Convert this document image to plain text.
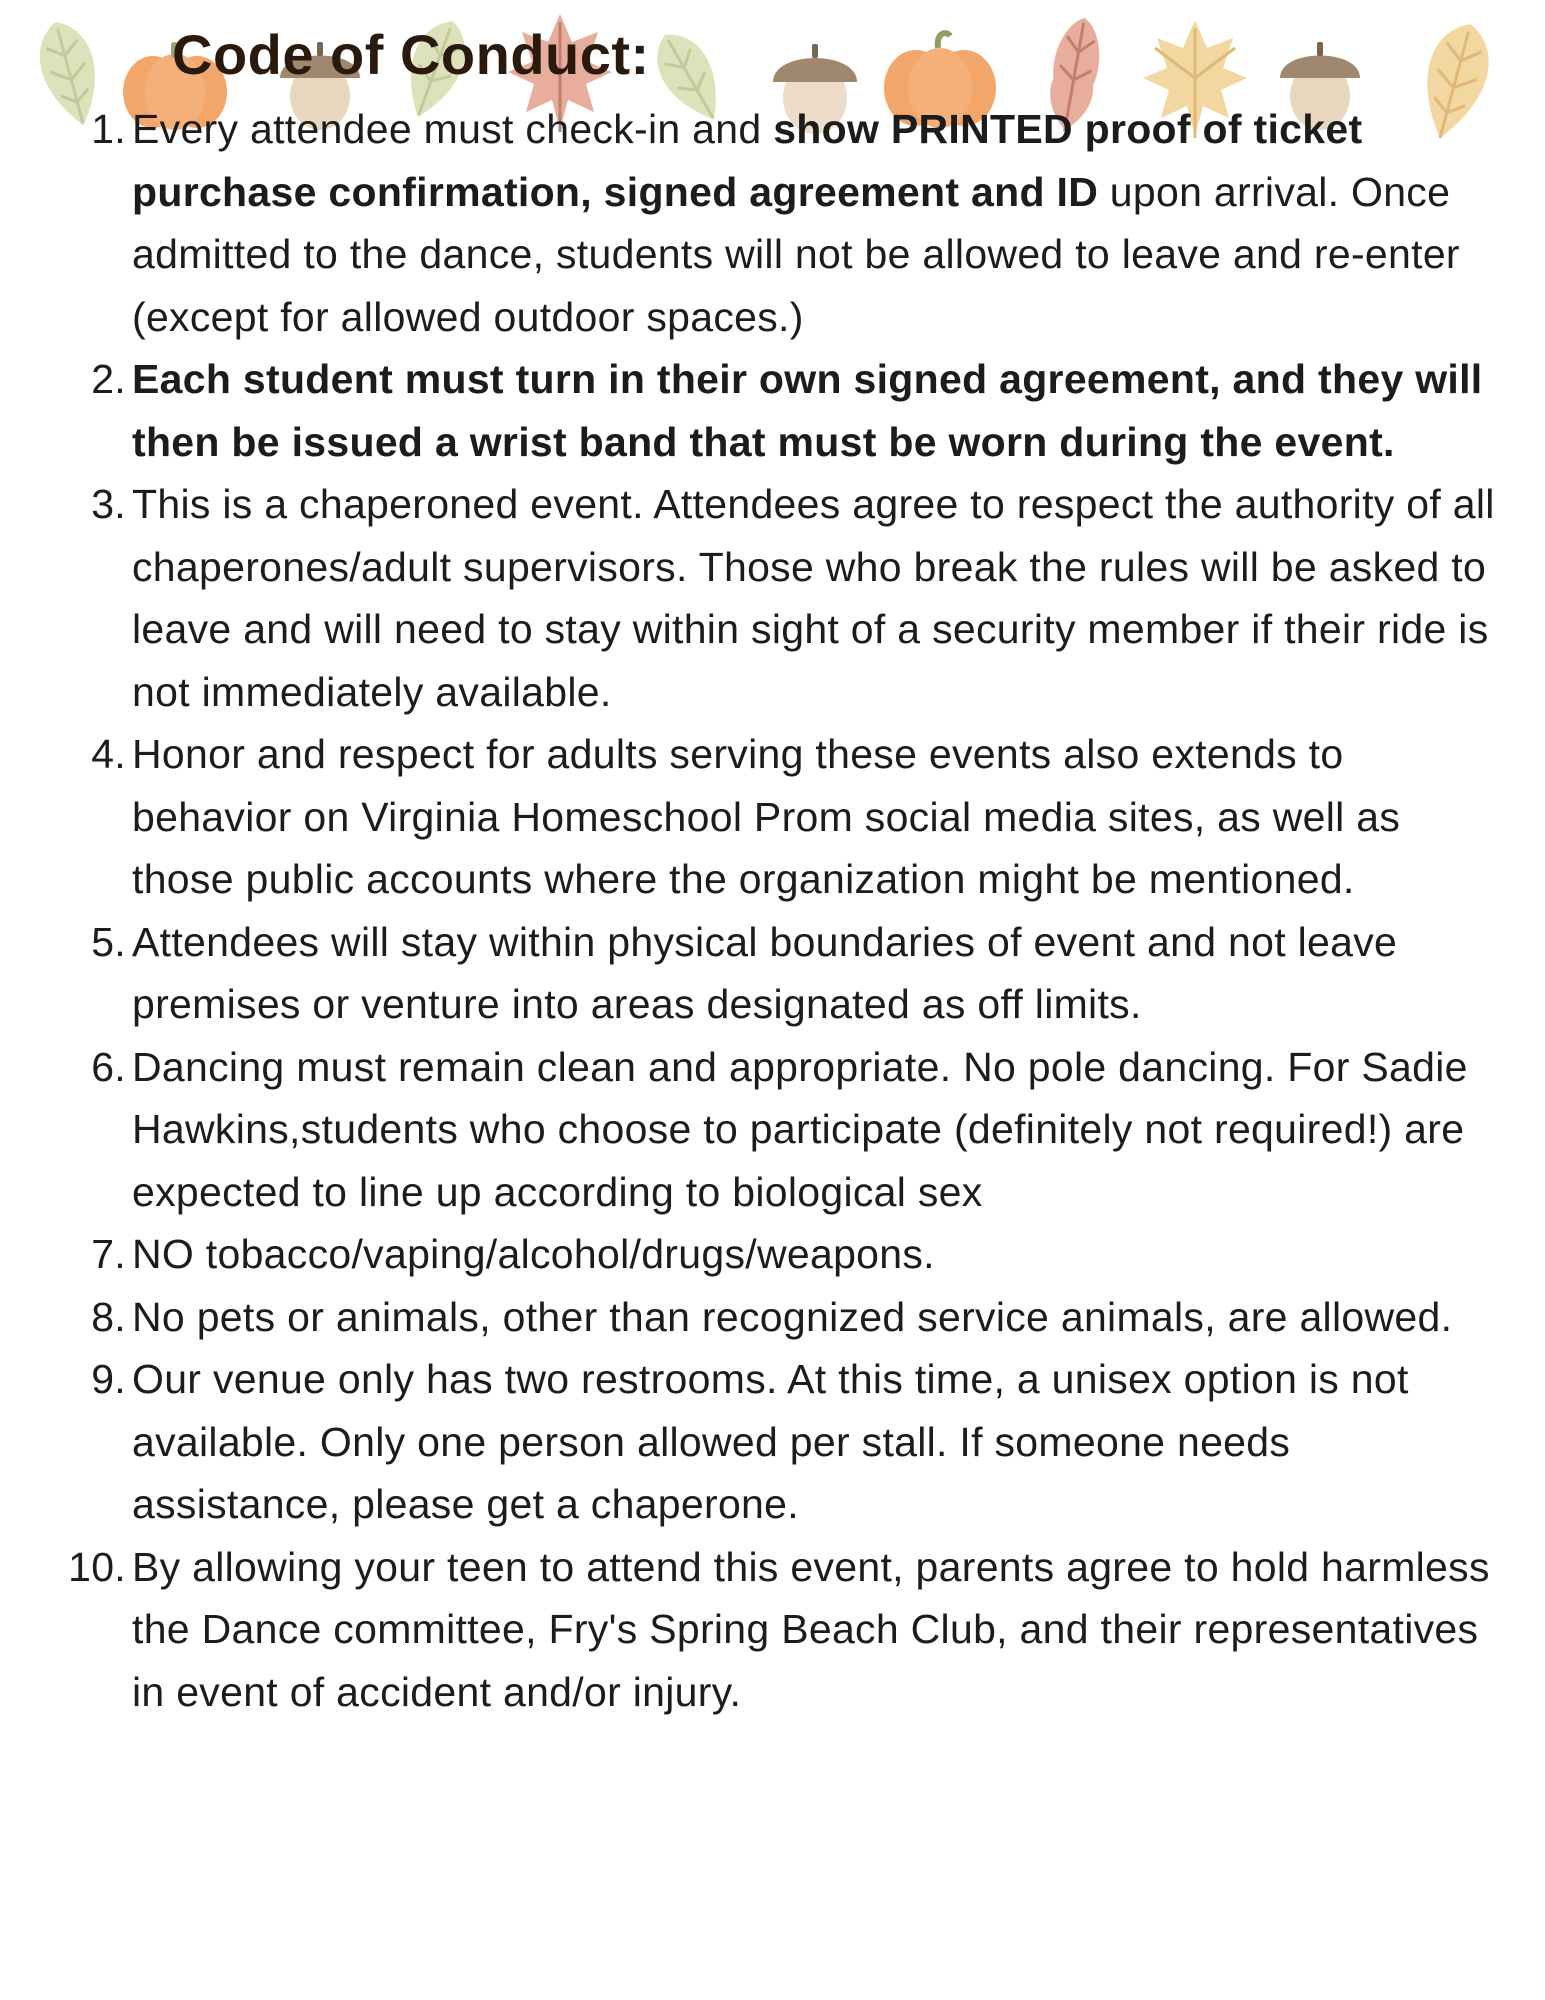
Code of Conduct:
1. Every attendee must check-in and show PRINTED proof of ticket purchase confirmation, signed agreement and ID upon arrival. Once admitted to the dance, students will not be allowed to leave and re-enter (except for allowed outdoor spaces.)
2. Each student must turn in their own signed agreement, and they will then be issued a wrist band that must be worn during the event.
3. This is a chaperoned event. Attendees agree to respect the authority of all chaperones/adult supervisors. Those who break the rules will be asked to leave and will need to stay within sight of a security member if their ride is not immediately available.
4. Honor and respect for adults serving these events also extends to behavior on Virginia Homeschool Prom social media sites, as well as those public accounts where the organization might be mentioned.
5. Attendees will stay within physical boundaries of event and not leave premises or venture into areas designated as off limits.
6. Dancing must remain clean and appropriate. No pole dancing. For Sadie Hawkins,students who choose to participate (definitely not required!) are expected to line up according to biological sex
7. NO tobacco/vaping/alcohol/drugs/weapons.
8. No pets or animals, other than recognized service animals, are allowed.
9. Our venue only has two restrooms. At this time, a unisex option is not available. Only one person allowed per stall. If someone needs assistance, please get a chaperone.
10. By allowing your teen to attend this event, parents agree to hold harmless the Dance committee, Fry's Spring Beach Club, and their representatives in event of accident and/or injury.
